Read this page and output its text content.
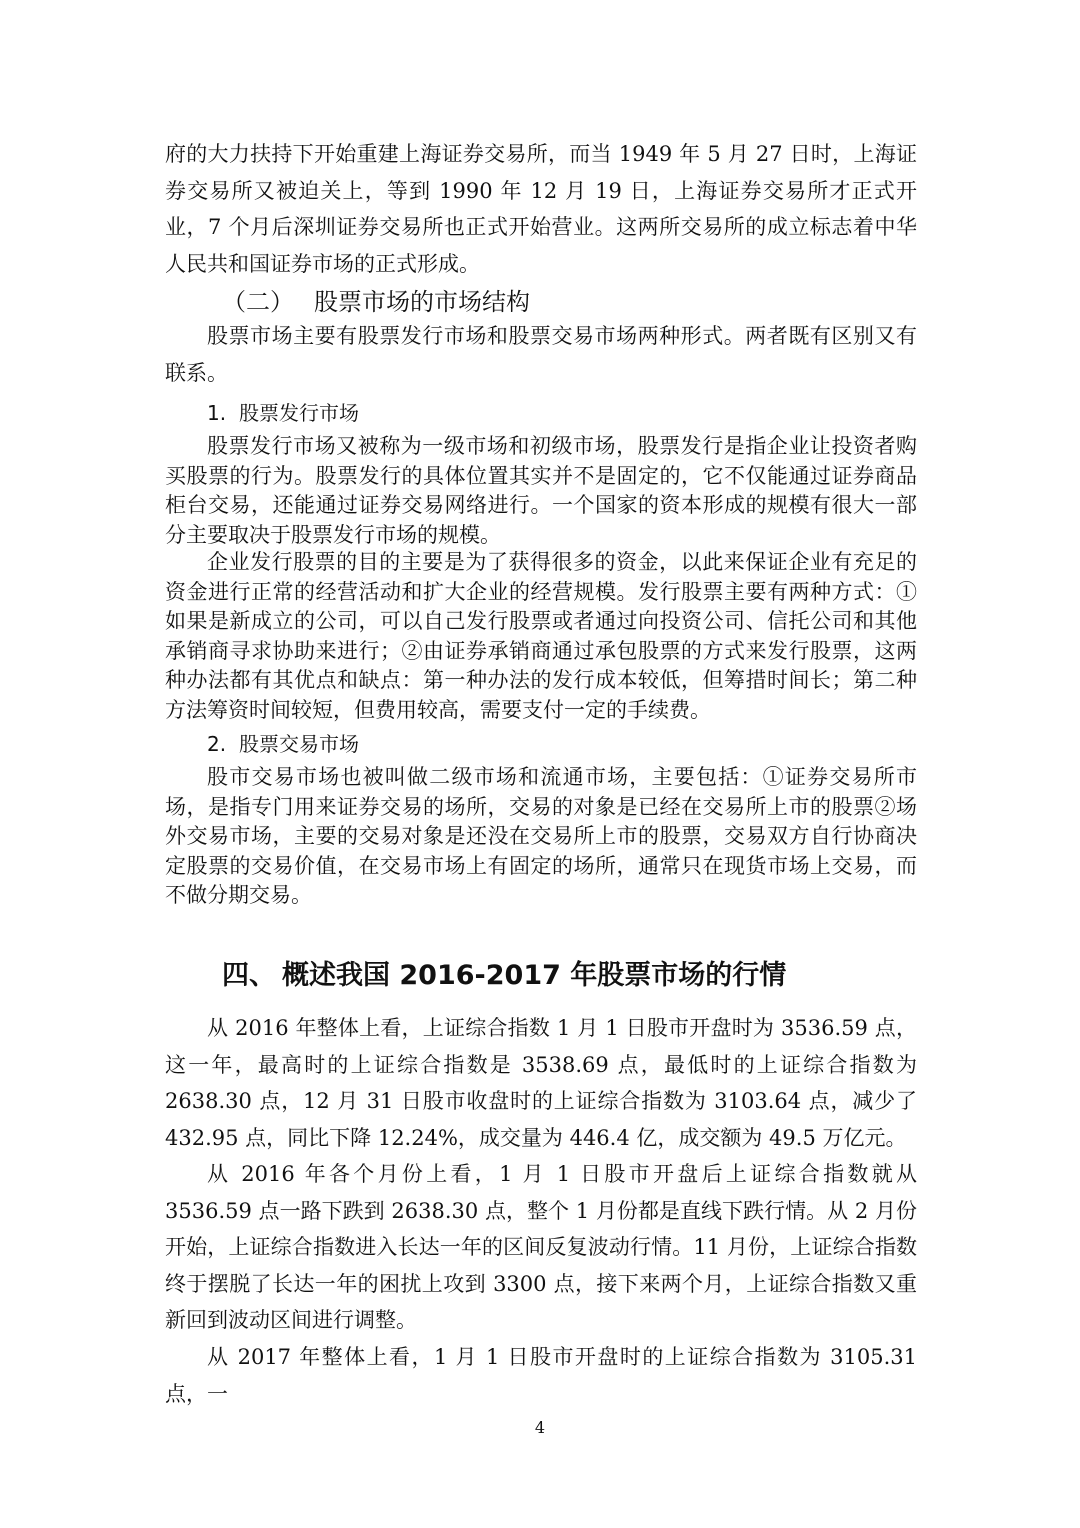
府的大力扶持下开始重建上海证券交易所，而当 1949 年 5 月 27 日时，上海证券交易所又被迫关上，等到 1990 年 12 月 19 日，上海证券交易所才正式开业，7 个月后深圳证券交易所也正式开始营业。这两所交易所的成立标志着中华人民共和国证券市场的正式形成。

（二） 股票市场的市场结构

股票市场主要有股票发行市场和股票交易市场两种形式。两者既有区别又有联系。

1. 股票发行市场

股票发行市场又被称为一级市场和初级市场，股票发行是指企业让投资者购买股票的行为。股票发行的具体位置其实并不是固定的，它不仅能通过证券商品柜台交易，还能通过证券交易网络进行。一个国家的资本形成的规模有很大一部分主要取决于股票发行市场的规模。

企业发行股票的目的主要是为了获得很多的资金，以此来保证企业有充足的资金进行正常的经营活动和扩大企业的经营规模。发行股票主要有两种方式：①如果是新成立的公司，可以自己发行股票或者通过向投资公司、信托公司和其他承销商寻求协助来进行；②由证券承销商通过承包股票的方式来发行股票，这两种办法都有其优点和缺点：第一种办法的发行成本较低，但筹措时间长；第二种方法筹资时间较短，但费用较高，需要支付一定的手续费。

2. 股票交易市场

股市交易市场也被叫做二级市场和流通市场，主要包括：①证券交易所市场，是指专门用来证券交易的场所，交易的对象是已经在交易所上市的股票②场外交易市场，主要的交易对象是还没在交易所上市的股票，交易双方自行协商决定股票的交易价值，在交易市场上有固定的场所，通常只在现货市场上交易，而不做分期交易。

四、 概述我国 2016-2017 年股票市场的行情

从 2016 年整体上看，上证综合指数 1 月 1 日股市开盘时为 3536.59 点，这一年，最高时的上证综合指数是 3538.69 点，最低时的上证综合指数为 2638.30 点，12 月 31 日股市收盘时的上证综合指数为 3103.64 点，减少了 432.95 点，同比下降 12.24%，成交量为 446.4 亿，成交额为 49.5 万亿元。

从 2016 年各个月份上看，1 月 1 日股市开盘后上证综合指数就从 3536.59 点一路下跌到 2638.30 点，整个 1 月份都是直线下跌行情。从 2 月份开始，上证综合指数进入长达一年的区间反复波动行情。11 月份，上证综合指数终于摆脱了长达一年的困扰上攻到 3300 点，接下来两个月，上证综合指数又重新回到波动区间进行调整。

从 2017 年整体上看，1 月 1 日股市开盘时的上证综合指数为 3105.31 点，一

4
